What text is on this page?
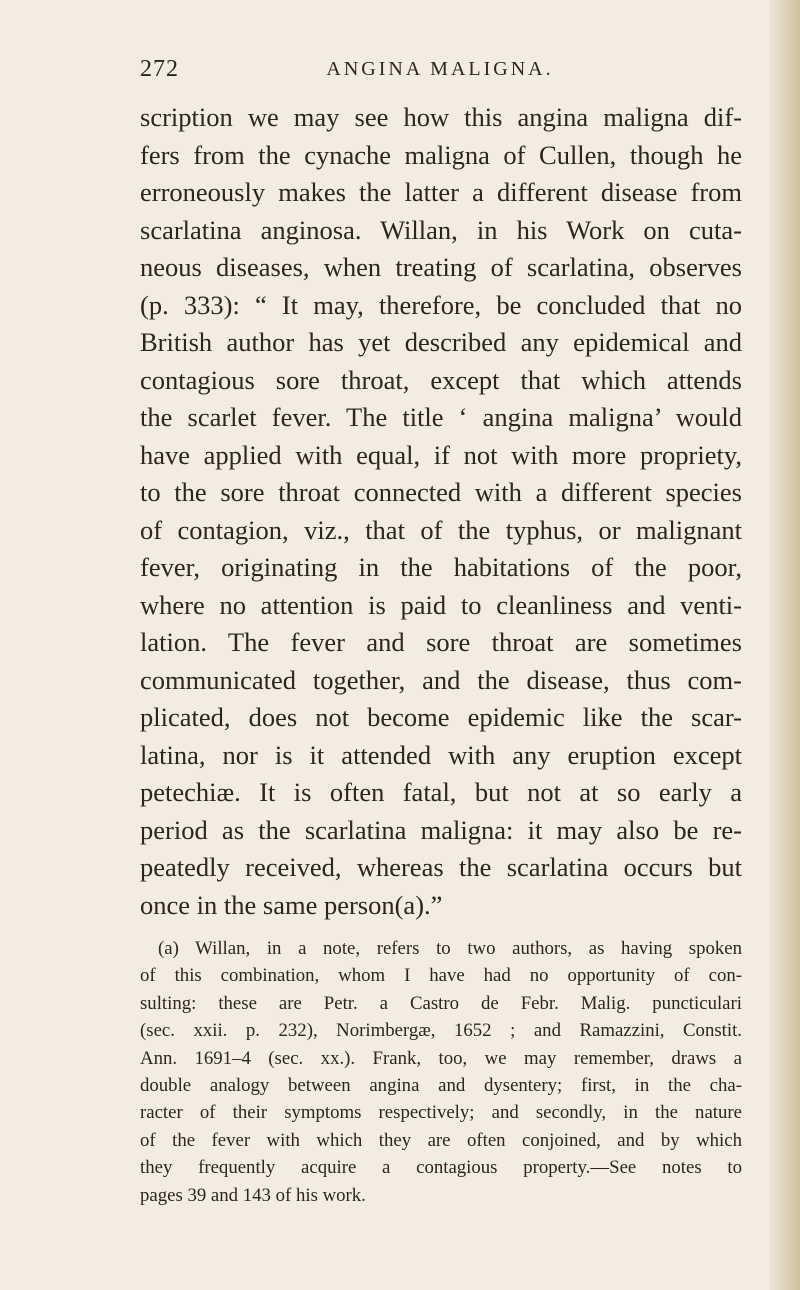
272	ANGINA MALIGNA.
scription we may see how this angina maligna dif-
fers from the cynache maligna of Cullen, though he
erroneously makes the latter a different disease from
scarlatina anginosa. Willan, in his Work on cuta-
neous diseases, when treating of scarlatina, observes
(p. 333): “ It may, therefore, be concluded that no
British author has yet described any epidemical and
contagious sore throat, except that which attends
the scarlet fever. The title ‘ angina maligna’ would
have applied with equal, if not with more propriety,
to the sore throat connected with a different species
of contagion, viz., that of the typhus, or malignant
fever, originating in the habitations of the poor,
where no attention is paid to cleanliness and venti-
lation. The fever and sore throat are sometimes
communicated together, and the disease, thus com-
plicated, does not become epidemic like the scar-
latina, nor is it attended with any eruption except
petechiæ. It is often fatal, but not at so early a
period as the scarlatina maligna: it may also be re-
peatedly received, whereas the scarlatina occurs but
once in the same person(a).”
(a) Willan, in a note, refers to two authors, as having spoken
of this combination, whom I have had no opportunity of con-
sulting: these are Petr. a Castro de Febr. Malig. puncticulari
(sec. xxii. p. 232), Norimbergæ, 1652 ; and Ramazzini, Constit.
Ann. 1691–4 (sec. xx.). Frank, too, we may remember, draws a
double analogy between angina and dysentery; first, in the cha-
racter of their symptoms respectively; and secondly, in the nature
of the fever with which they are often conjoined, and by which
they frequently acquire a contagious property.—See notes to
pages 39 and 143 of his work.
